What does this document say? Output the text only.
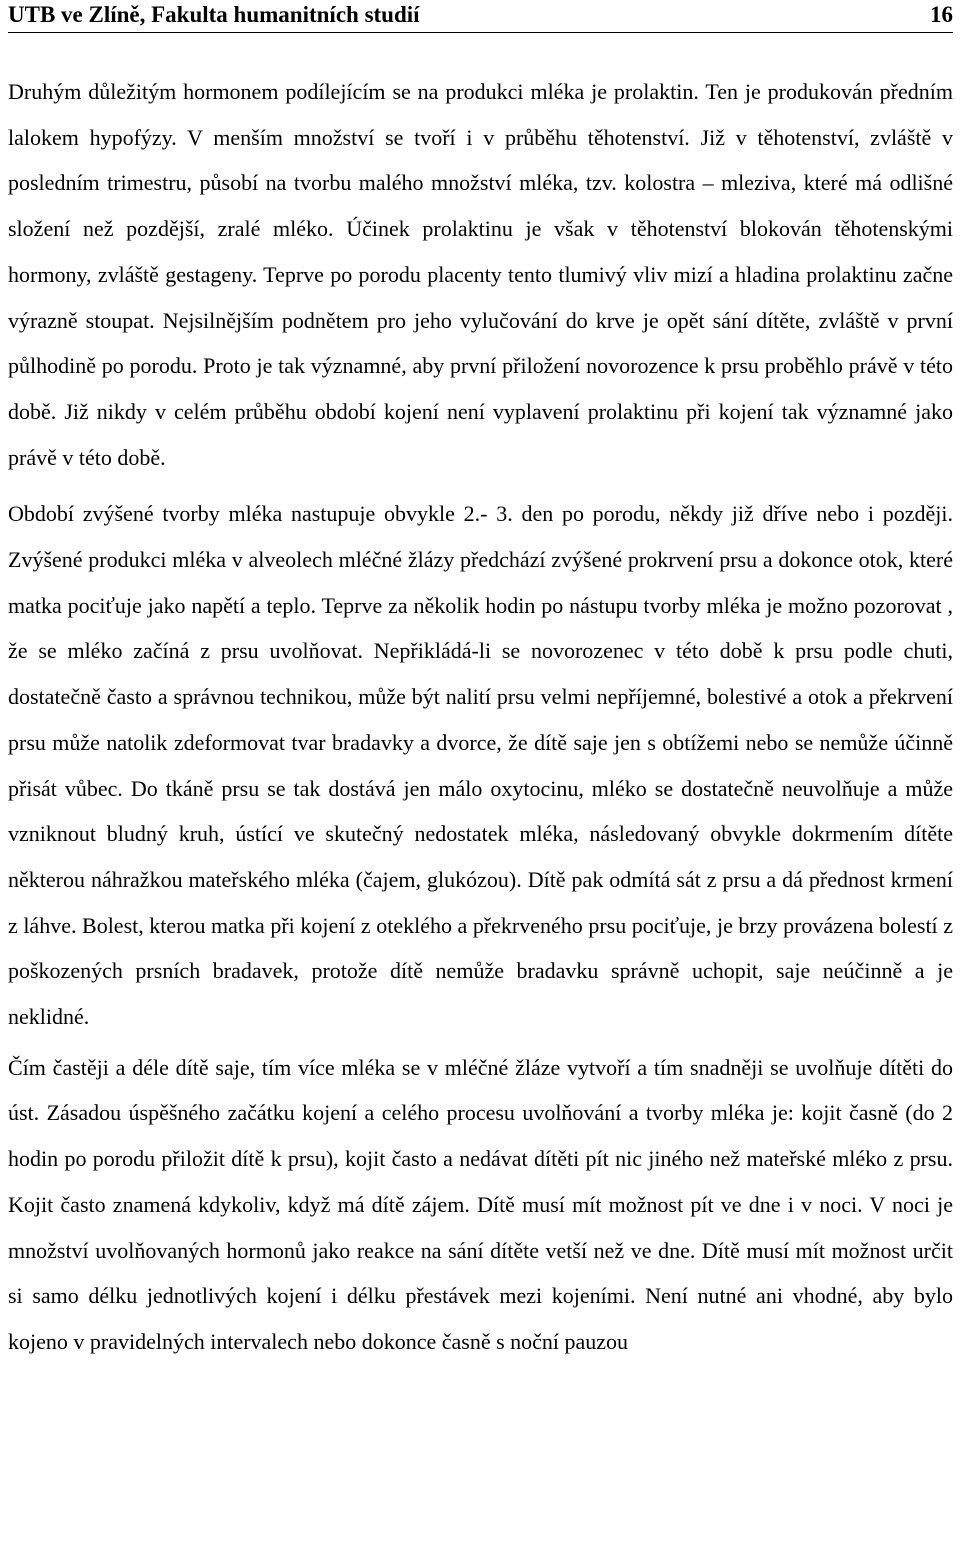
UTB ve Zlíně, Fakulta humanitních studií	16

Druhým důležitým hormonem podílejícím se na produkci mléka je prolaktin. Ten je produkován předním lalokem hypofýzy. V menším množství se tvoří i v průběhu těhotenství. Již v těhotenství, zvláště v posledním trimestru, působí na tvorbu malého množství mléka, tzv. kolostra – mleziva, které má odlišné složení než pozdější, zralé mléko. Účinek prolaktinu je však v těhotenství blokován těhotenskými hormony, zvláště gestageny. Teprve po porodu placenty tento tlumivý vliv mizí a hladina prolaktinu začne výrazně stoupat. Nejsilnějším podnětem pro jeho vylučování do krve je opět sání dítěte, zvláště v první půlhodině po porodu. Proto je tak významné, aby první přiložení novorozence k prsu proběhlo právě v této době. Již nikdy v celém průběhu období kojení není vyplavení prolaktinu při kojení tak významné jako právě v této době.

Období zvýšené tvorby mléka nastupuje obvykle 2.- 3. den po porodu, někdy již dříve nebo i později. Zvýšené produkci mléka v alveolech mléčné žlázy předchází zvýšené prokrvení prsu a dokonce otok, které matka pociťuje jako napětí a teplo. Teprve za několik hodin po nástupu tvorby mléka je možno pozorovat , že se mléko začíná z prsu uvolňovat. Nepřikládá-li se novorozenec v této době k prsu podle chuti, dostatečně často a správnou technikou, může být nalití prsu velmi nepříjemné, bolestivé a otok a překrvení prsu může natolik zdeformovat tvar bradavky a dvorce, že dítě saje jen s obtížemi nebo se nemůže účinně přisát vůbec. Do tkáně prsu se tak dostává jen málo oxytocinu, mléko se dostatečně neuvolňuje a může vzniknout bludný kruh, ústící ve skutečný nedostatek mléka, následovaný obvykle dokrmením dítěte některou náhražkou mateřského mléka (čajem, glukózou). Dítě pak odmítá sát z prsu a dá přednost krmení z láhve. Bolest, kterou matka při kojení z oteklého a překrveného prsu pociťuje, je brzy provázena bolestí z poškozených prsních bradavek, protože dítě nemůže bradavku správně uchopit, saje neúčinně a je neklidné.

Čím častěji a déle dítě saje, tím více mléka se v mléčné žláze vytvoří a tím snadněji se uvolňuje dítěti do úst. Zásadou úspěšného začátku kojení a celého procesu uvolňování a tvorby mléka je: kojit časně (do 2 hodin po porodu přiložit dítě k prsu), kojit často a nedávat dítěti pít nic jiného než mateřské mléko z prsu. Kojit často znamená kdykoliv, když má dítě zájem. Dítě musí mít možnost pít ve dne i v noci. V noci je množství uvolňovaných hormonů jako reakce na sání dítěte vetší než ve dne. Dítě musí mít možnost určit si samo délku jednotlivých kojení i délku přestávek mezi kojeními. Není nutné ani vhodné, aby bylo kojeno v pravidelných intervalech nebo dokonce časně s noční pauzou
